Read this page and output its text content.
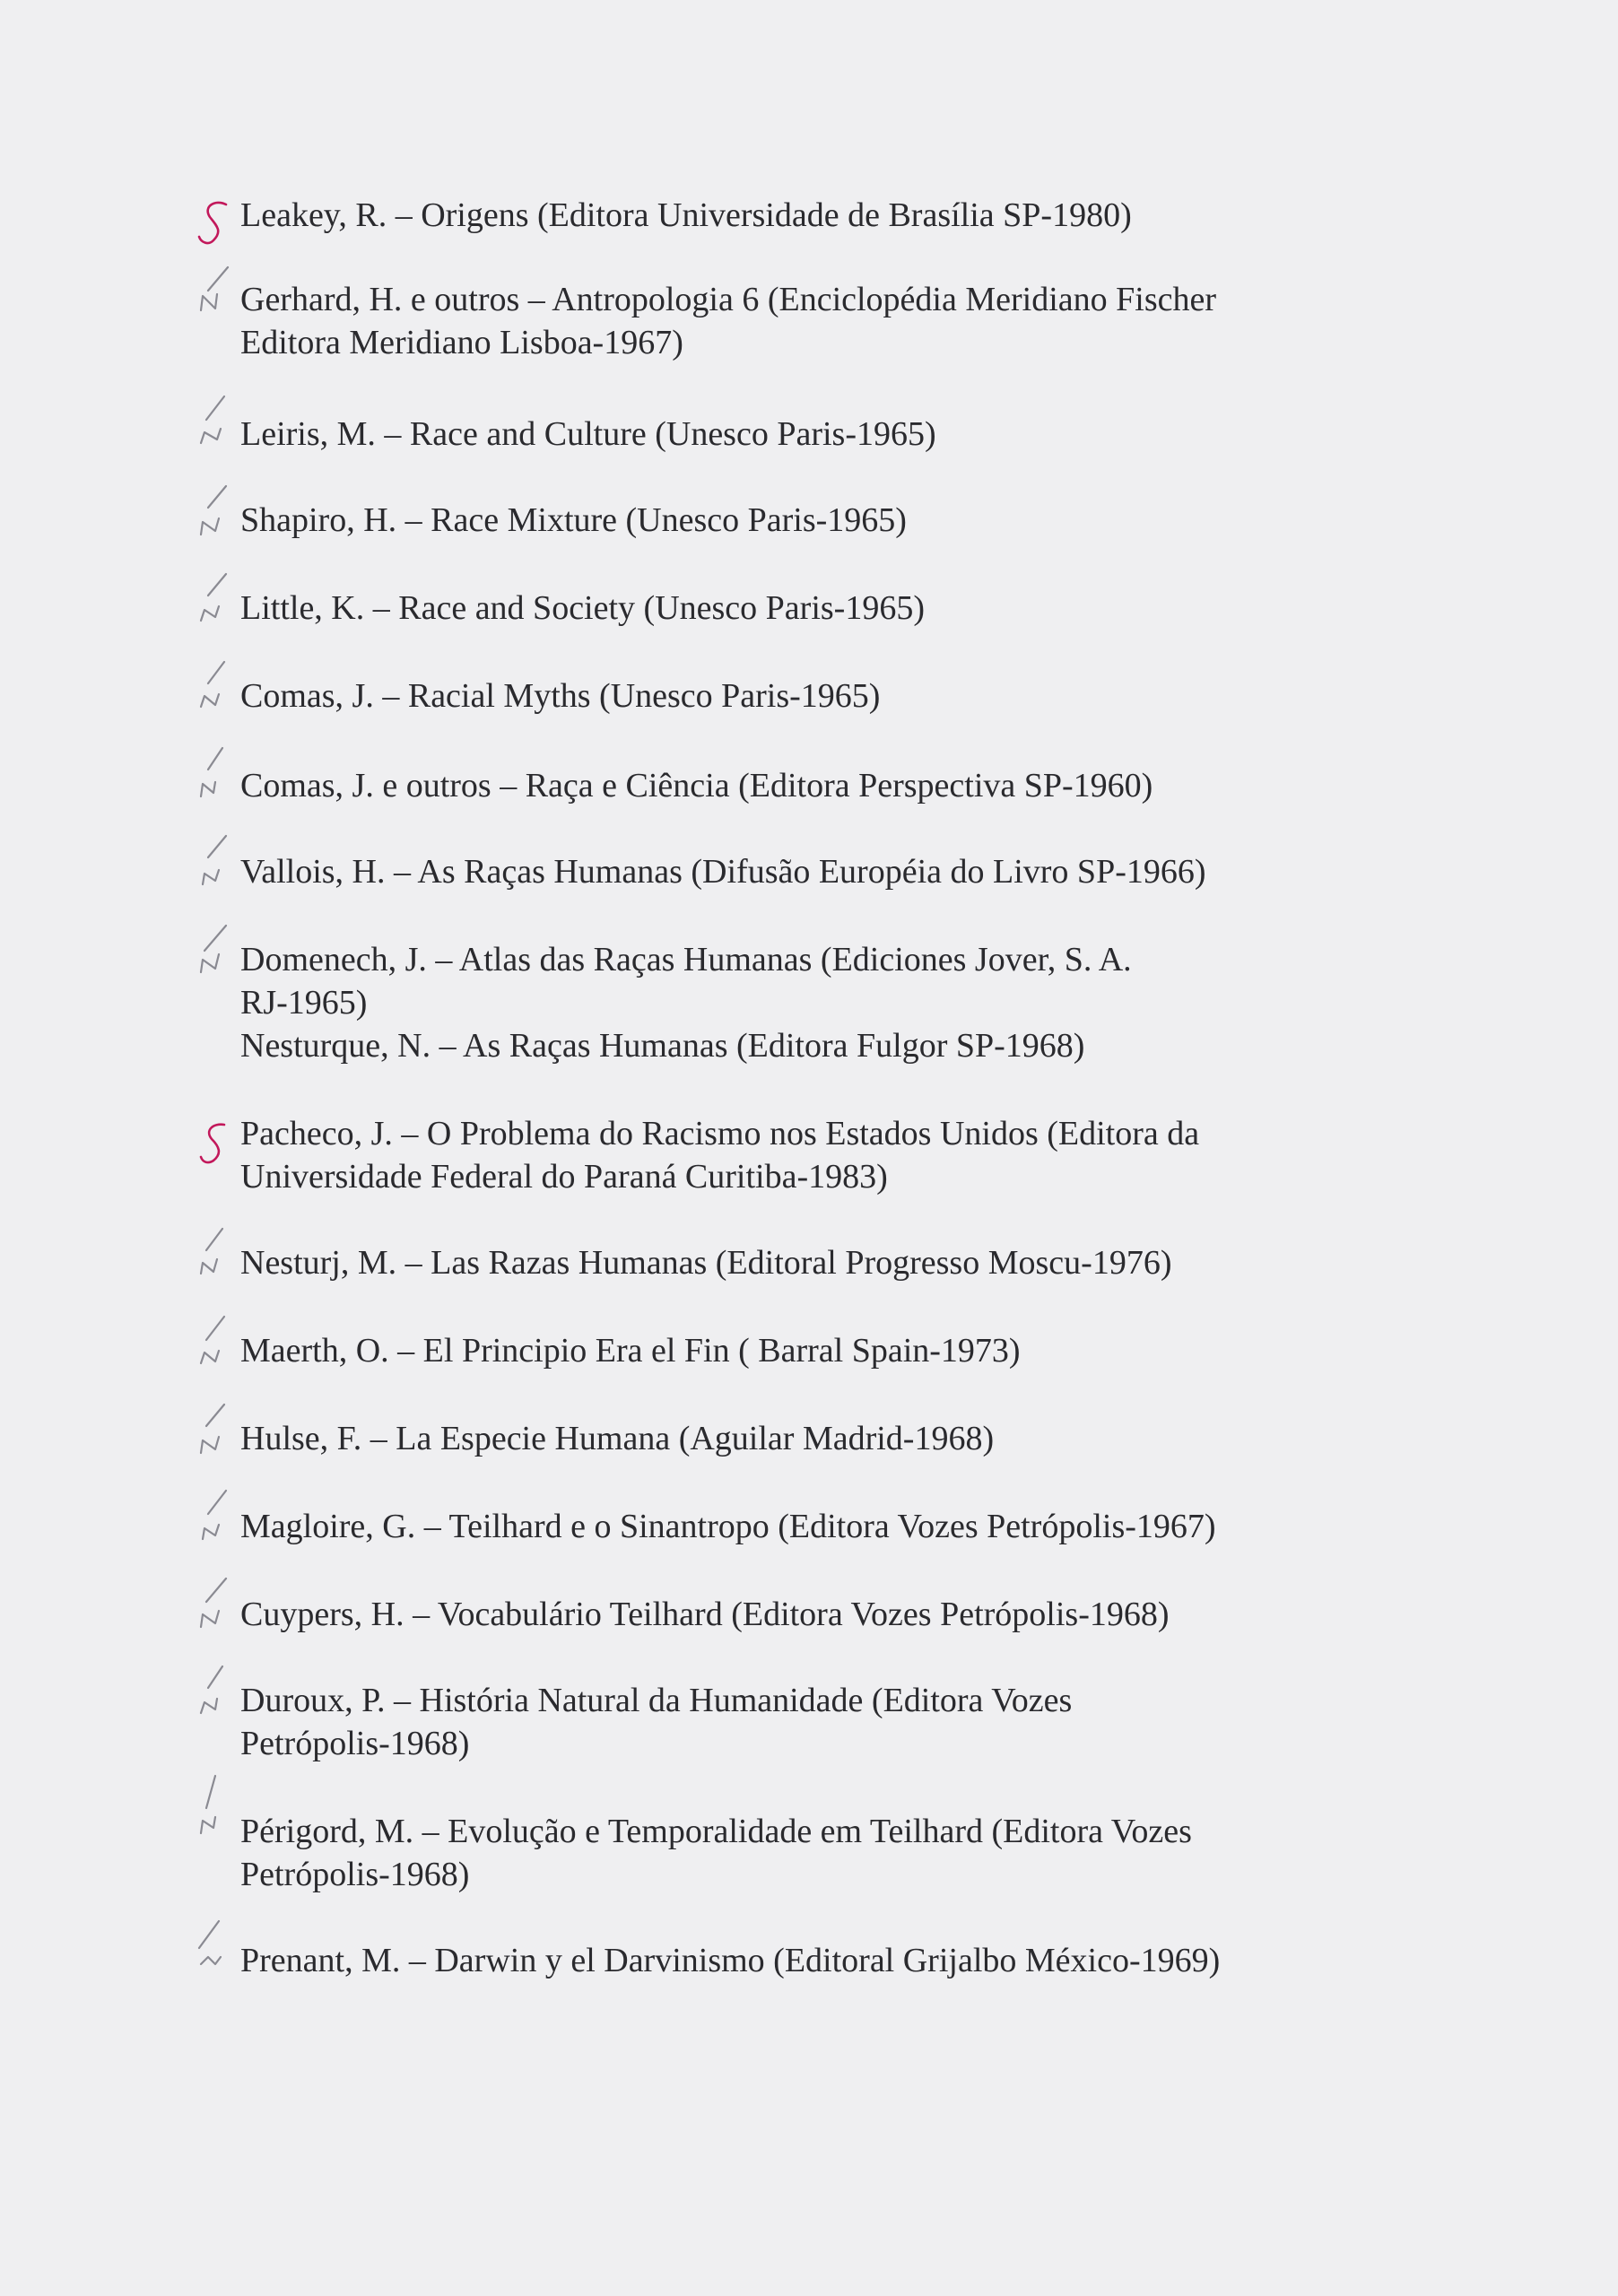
Leakey, R. – Origens (Editora Universidade de Brasília SP-1980)
Gerhard, H. e outros – Antropologia 6 (Enciclopédia Meridiano Fischer
Editora Meridiano Lisboa-1967)
Leiris, M. – Race and Culture (Unesco Paris-1965)
Shapiro, H. – Race Mixture (Unesco Paris-1965)
Little, K. – Race and Society (Unesco Paris-1965)
Comas, J. – Racial Myths (Unesco Paris-1965)
Comas, J. e outros – Raça e Ciência (Editora Perspectiva SP-1960)
Vallois, H. – As Raças Humanas (Difusão Européia do Livro SP-1966)
Domenech, J. – Atlas das Raças Humanas (Ediciones Jover, S. A.
RJ-1965)
Nesturque, N. – As Raças Humanas (Editora Fulgor SP-1968)
Pacheco, J. – O Problema do Racismo nos Estados Unidos (Editora da
Universidade Federal do Paraná Curitiba-1983)
Nesturj, M. – Las Razas Humanas (Editoral Progresso Moscu-1976)
Maerth, O. – El Principio Era el Fin ( Barral Spain-1973)
Hulse, F. – La Especie Humana (Aguilar Madrid-1968)
Magloire, G. – Teilhard e o Sinantropo (Editora Vozes Petrópolis-1967)
Cuypers, H. – Vocabulário Teilhard (Editora Vozes Petrópolis-1968)
Duroux, P. – História Natural da Humanidade (Editora Vozes
Petrópolis-1968)
Périgord, M. – Evolução e Temporalidade em Teilhard (Editora Vozes
Petrópolis-1968)
Prenant, M. – Darwin y el Darvinismo (Editoral Grijalbo México-1969)
